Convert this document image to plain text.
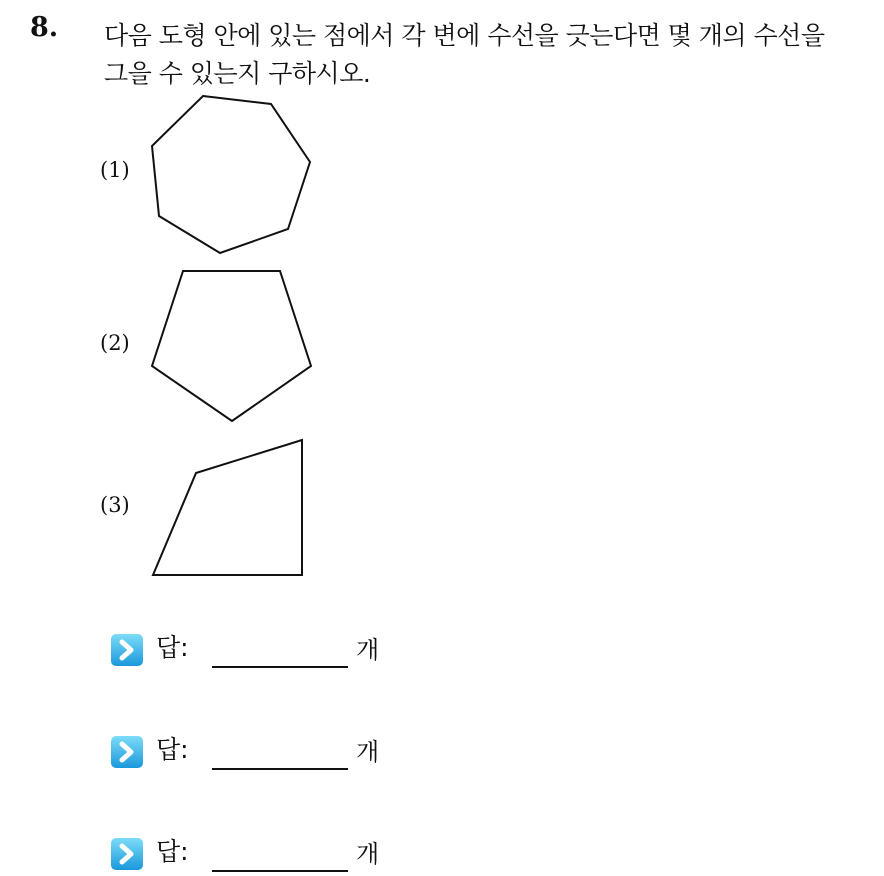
8. 다음 도형 안에 있는 점에서 각 변에 수선을 긋는다면 몇 개의 수선을
그을 수 있는지 구하시오.
(1)
(2)
(3)
답:	개
답:	개
답:	개
